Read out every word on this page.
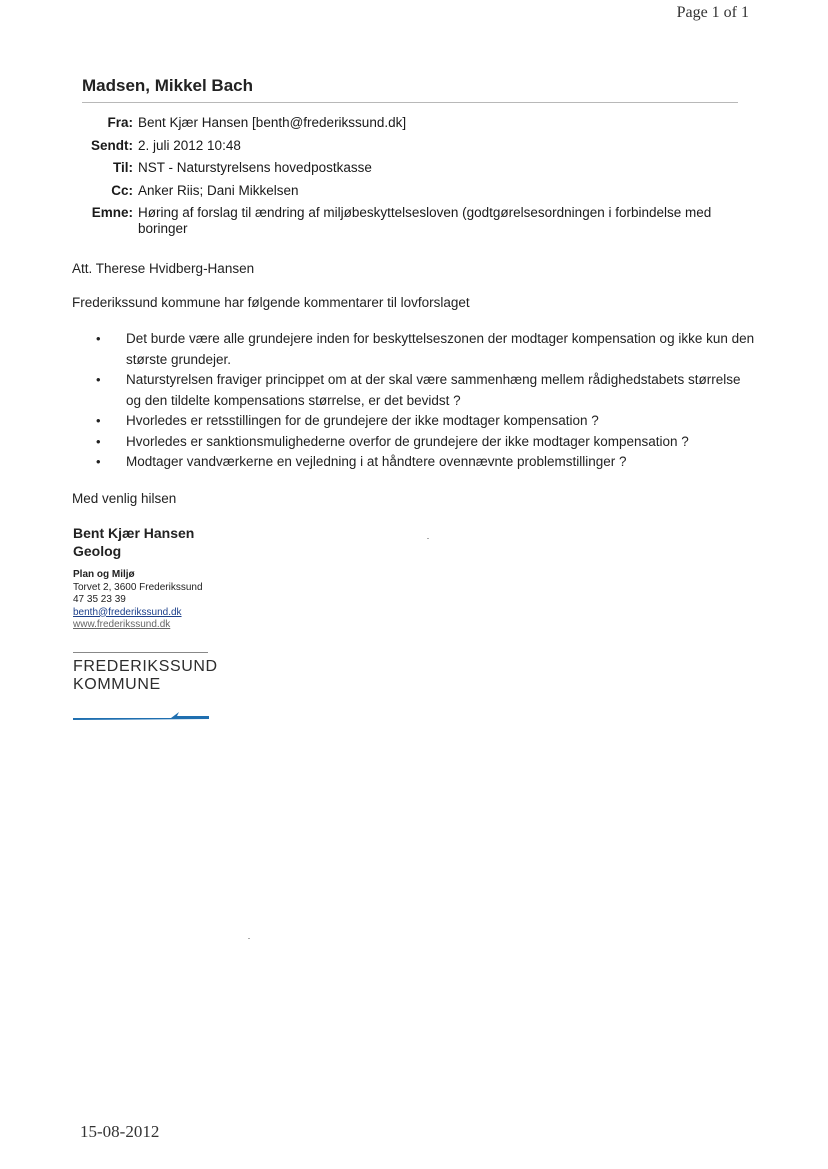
Page 1 of 1
Madsen, Mikkel Bach
Fra: Bent Kjær Hansen [benth@frederikssund.dk]
Sendt: 2. juli 2012 10:48
Til: NST - Naturstyrelsens hovedpostkasse
Cc: Anker Riis; Dani Mikkelsen
Emne: Høring af forslag til ændring af miljøbeskyttelsesloven (godtgørelsesordningen i forbindelse med boringer
Att. Therese Hvidberg-Hansen
Frederikssund kommune har følgende kommentarer til lovforslaget
• Det burde være alle grundejere inden for beskyttelseszonen der modtager kompensation og ikke kun den største grundejer.
• Naturstyrelsen fraviger princippet om at der skal være sammenhæng mellem rådighedstabets størrelse og den tildelte kompensations størrelse, er det bevidst ?
• Hvorledes er retsstillingen for de grundejere der ikke modtager kompensation ?
• Hvorledes er sanktionsmulighederne overfor de grundejere der ikke modtager kompensation ?
• Modtager vandværkerne en vejledning i at håndtere ovennævnte problemstillinger ?
Med venlig hilsen
Bent Kjær Hansen
Geolog
Plan og Miljø
Torvet 2, 3600 Frederikssund
47 35 23 39
benth@frederikssund.dk
www.frederikssund.dk
FREDERIKSSUND
KOMMUNE
15-08-2012
